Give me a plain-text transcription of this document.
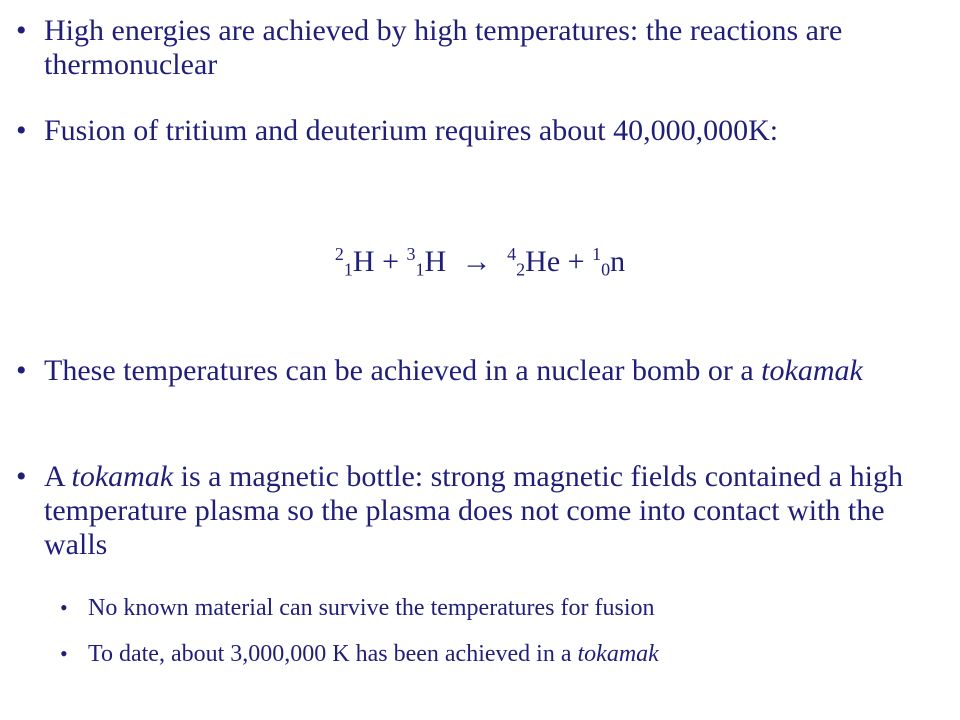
• High energies are achieved by high temperatures: the reactions are thermonuclear
• Fusion of tritium and deuterium requires about 40,000,000K:
$^2_1$H + $^3_1$H → $^4_2$He + $^1_0$n
• These temperatures can be achieved in a nuclear bomb or a tokamak
• A tokamak is a magnetic bottle: strong magnetic fields contained a high temperature plasma so the plasma does not come into contact with the walls
• No known material can survive the temperatures for fusion
• To date, about 3,000,000 K has been achieved in a tokamak
